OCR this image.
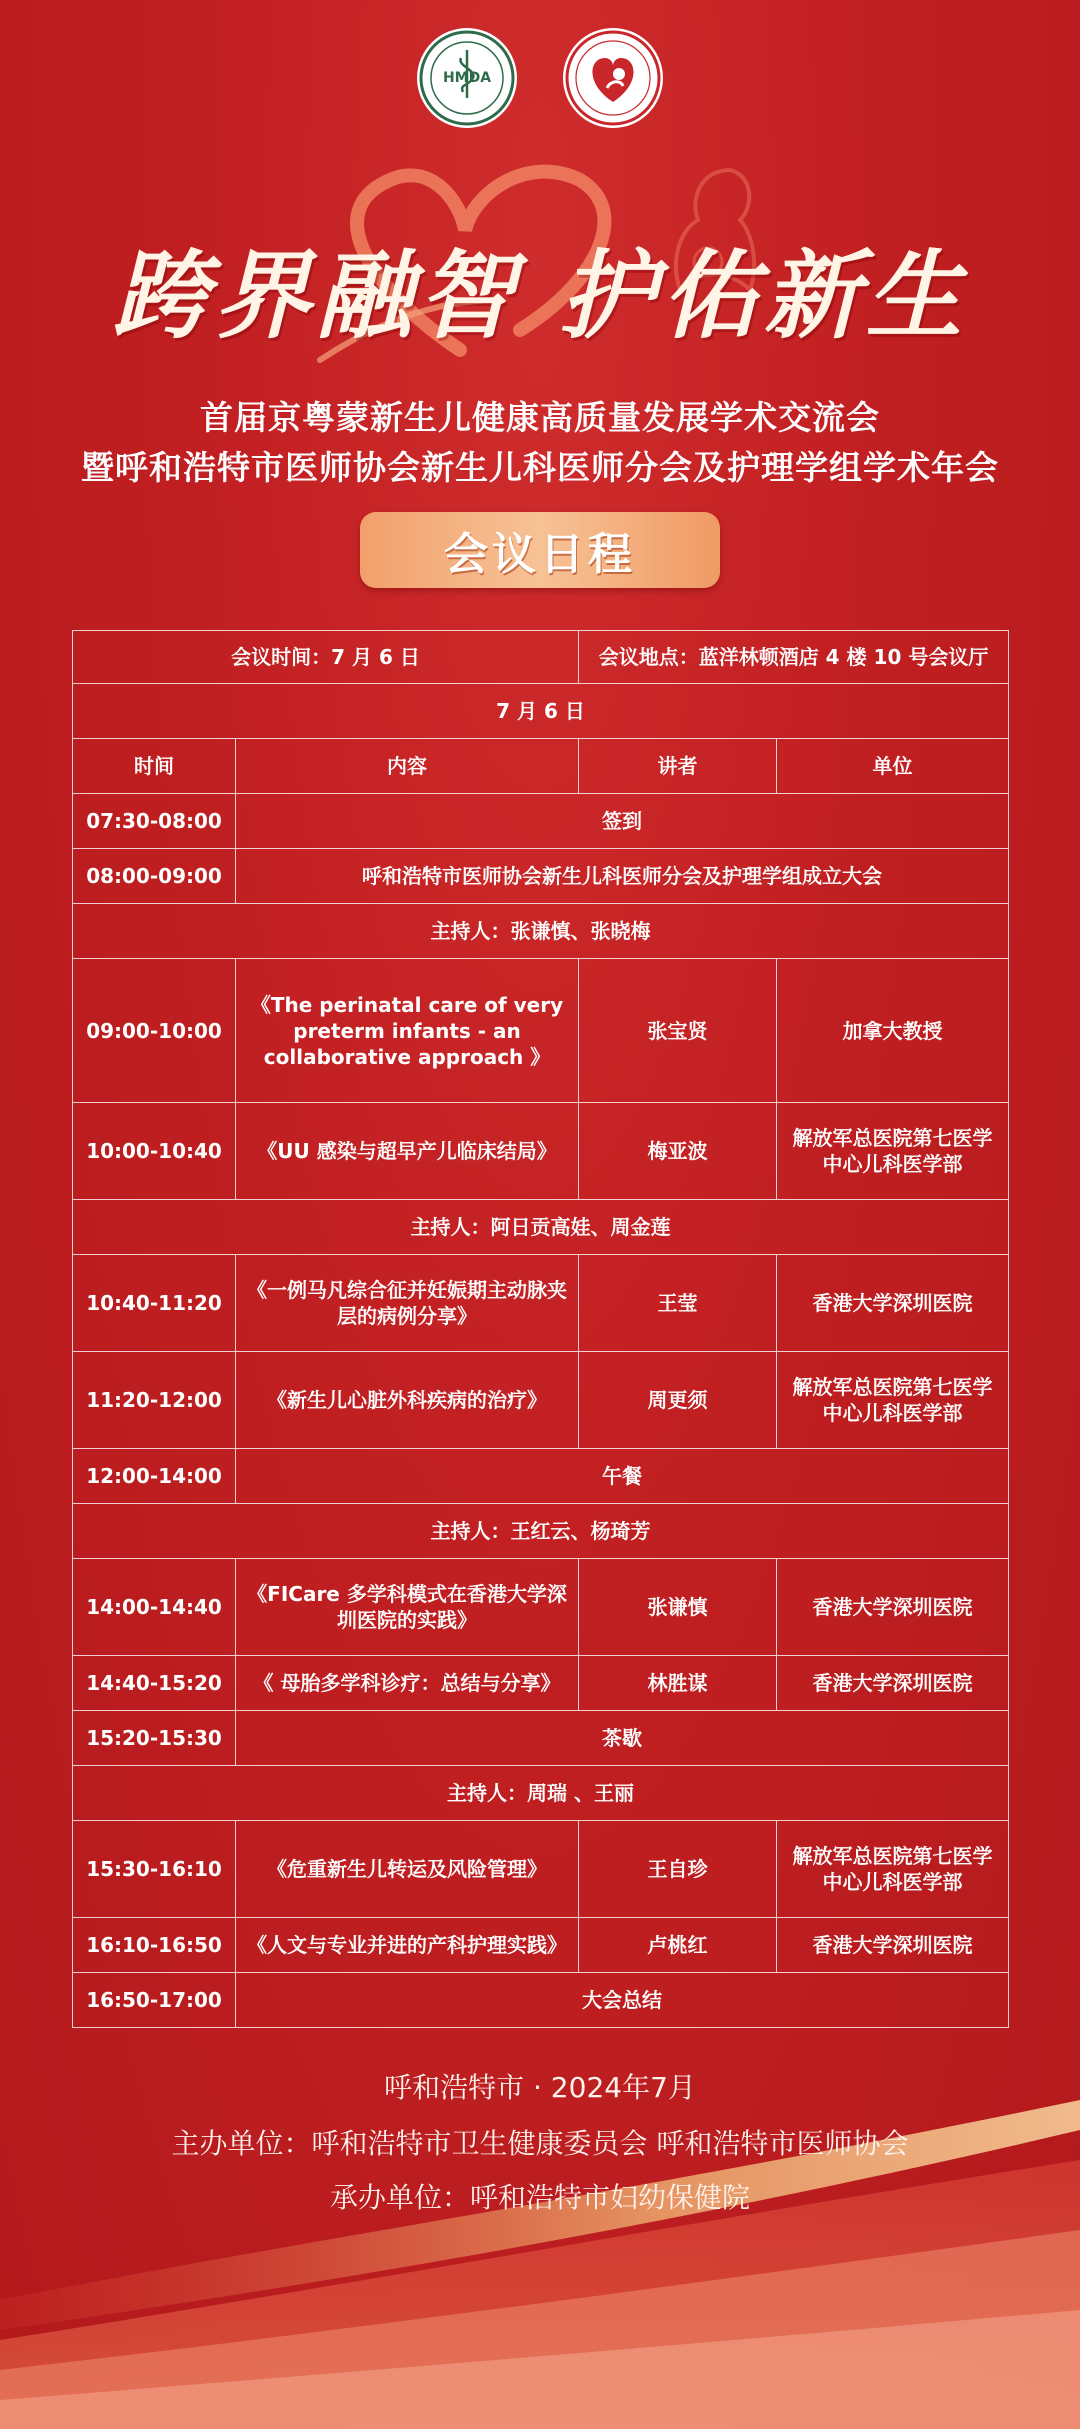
HMDA
跨界融智 护佑新生
首届京粤蒙新生儿健康高质量发展学术交流会
暨呼和浩特市医师协会新生儿科医师分会及护理学组学术年会
会议日程
会议时间：7 月 6 日		会议地点：蓝洋林顿酒店 4 楼 10 号会议厅	
7 月 6 日			
时间	内容	讲者	单位
07:30-08:00	签到		
08:00-09:00	呼和浩特市医师协会新生儿科医师分会及护理学组成立大会		
主持人：张谦慎、张晓梅			
09:00-10:00	《The perinatal care of very preterm infants - an collaborative approach 》	张宝贤	加拿大教授
10:00-10:40	《UU 感染与超早产儿临床结局》	梅亚波	解放军总医院第七医学中心儿科医学部
主持人：阿日贡高娃、周金莲			
10:40-11:20	《一例马凡综合征并妊娠期主动脉夹层的病例分享》	王莹	香港大学深圳医院
11:20-12:00	《新生儿心脏外科疾病的治疗》	周更须	解放军总医院第七医学中心儿科医学部
12:00-14:00	午餐		
主持人：王红云、杨琦芳			
14:00-14:40	《FICare 多学科模式在香港大学深圳医院的实践》	张谦慎	香港大学深圳医院
14:40-15:20	《 母胎多学科诊疗：总结与分享》	林胜谋	香港大学深圳医院
15:20-15:30	茶歇		
主持人：周瑞 、王丽			
15:30-16:10	《危重新生儿转运及风险管理》	王自珍	解放军总医院第七医学中心儿科医学部
16:10-16:50	《人文与专业并进的产科护理实践》	卢桃红	香港大学深圳医院
16:50-17:00	大会总结		
呼和浩特市 · 2024年7月
主办单位：呼和浩特市卫生健康委员会 呼和浩特市医师协会
承办单位：呼和浩特市妇幼保健院
